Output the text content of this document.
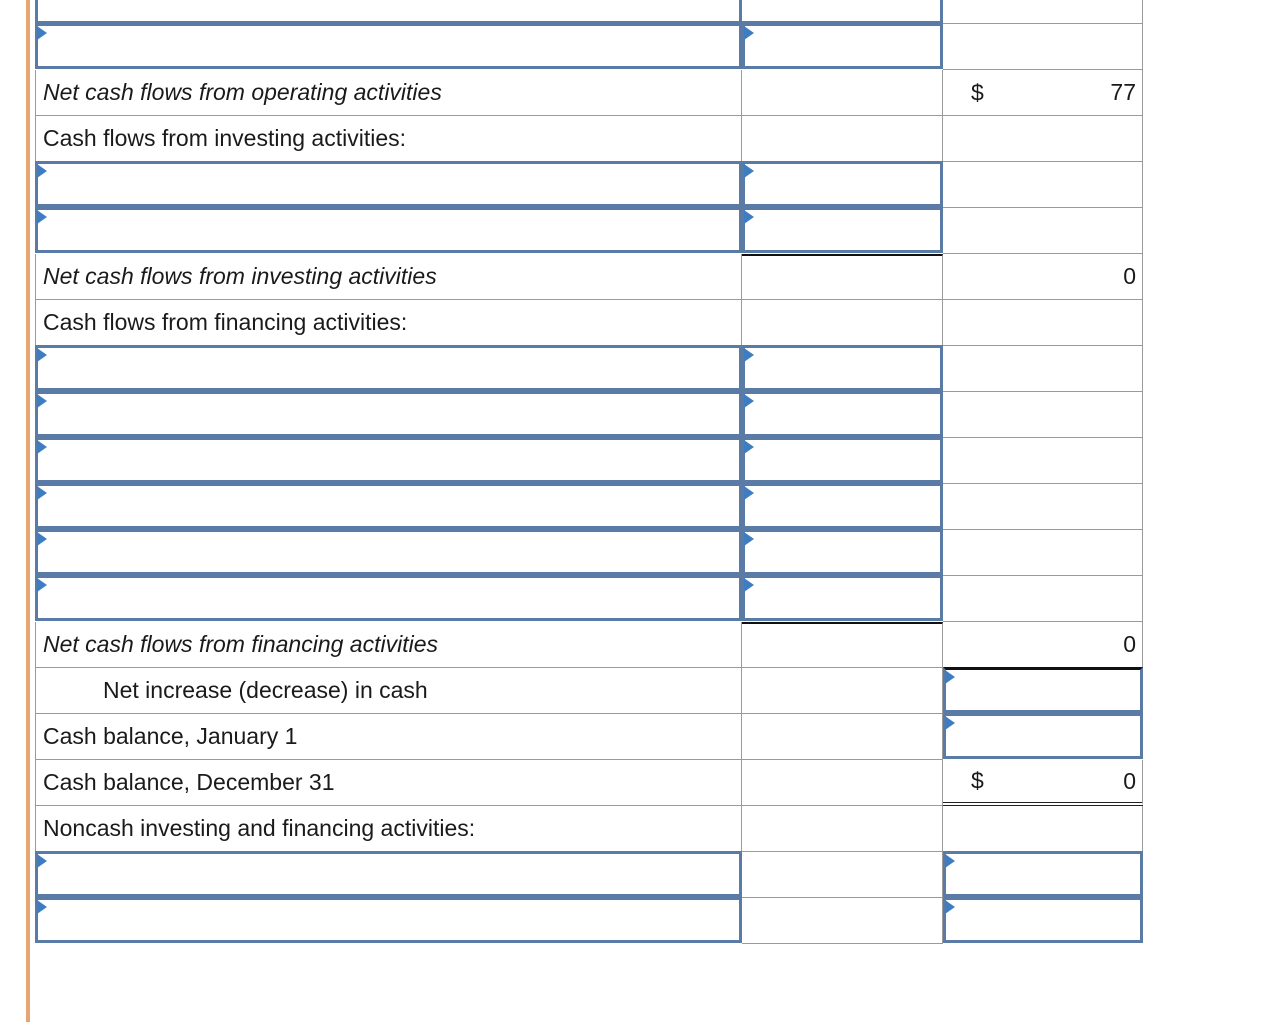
Net cash flows from operating activities	$	77
Cash flows from investing activities:
Net cash flows from investing activities	0
Cash flows from financing activities:
Net cash flows from financing activities	0
Net increase (decrease) in cash
Cash balance, January 1
Cash balance, December 31	$	0
Noncash investing and financing activities:
